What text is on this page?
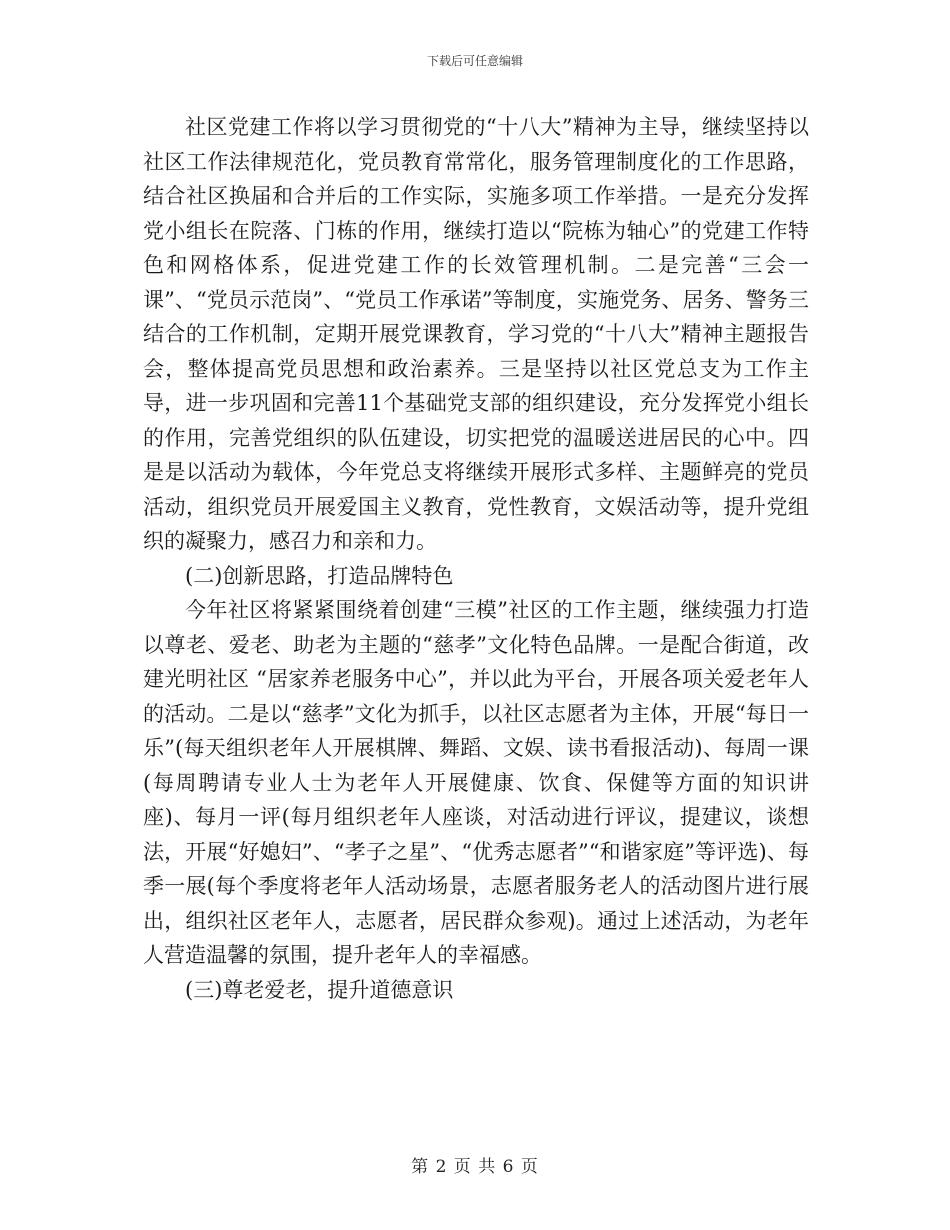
下载后可任意编辑

社区党建工作将以学习贯彻党的“十八大”精神为主导，继续坚持以社区工作法律规范化，党员教育常常化，服务管理制度化的工作思路，结合社区换届和合并后的工作实际，实施多项工作举措。一是充分发挥党小组长在院落、门栋的作用，继续打造以“院栋为轴心”的党建工作特色和网格体系，促进党建工作的长效管理机制。二是完善“三会一课”、“党员示范岗”、“党员工作承诺”等制度，实施党务、居务、警务三结合的工作机制，定期开展党课教育，学习党的“十八大”精神主题报告会，整体提高党员思想和政治素养。三是坚持以社区党总支为工作主导，进一步巩固和完善11个基础党支部的组织建设，充分发挥党小组长的作用，完善党组织的队伍建设，切实把党的温暖送进居民的心中。四是是以活动为载体，今年党总支将继续开展形式多样、主题鲜亮的党员活动，组织党员开展爱国主义教育，党性教育，文娱活动等，提升党组织的凝聚力，感召力和亲和力。

(二)创新思路，打造品牌特色

今年社区将紧紧围绕着创建“三模”社区的工作主题，继续强力打造以尊老、爱老、助老为主题的“慈孝”文化特色品牌。一是配合街道，改建光明社区 “居家养老服务中心”，并以此为平台，开展各项关爱老年人的活动。二是以“慈孝”文化为抓手，以社区志愿者为主体，开展“每日一乐”(每天组织老年人开展棋牌、舞蹈、文娱、读书看报活动)、每周一课(每周聘请专业人士为老年人开展健康、饮食、保健等方面的知识讲座)、每月一评(每月组织老年人座谈，对活动进行评议，提建议，谈想法，开展“好媳妇”、“孝子之星”、“优秀志愿者”“和谐家庭”等评选)、每季一展(每个季度将老年人活动场景，志愿者服务老人的活动图片进行展出，组织社区老年人，志愿者，居民群众参观)。通过上述活动，为老年人营造温馨的氛围，提升老年人的幸福感。

(三)尊老爱老，提升道德意识

第 2 页 共 6 页
